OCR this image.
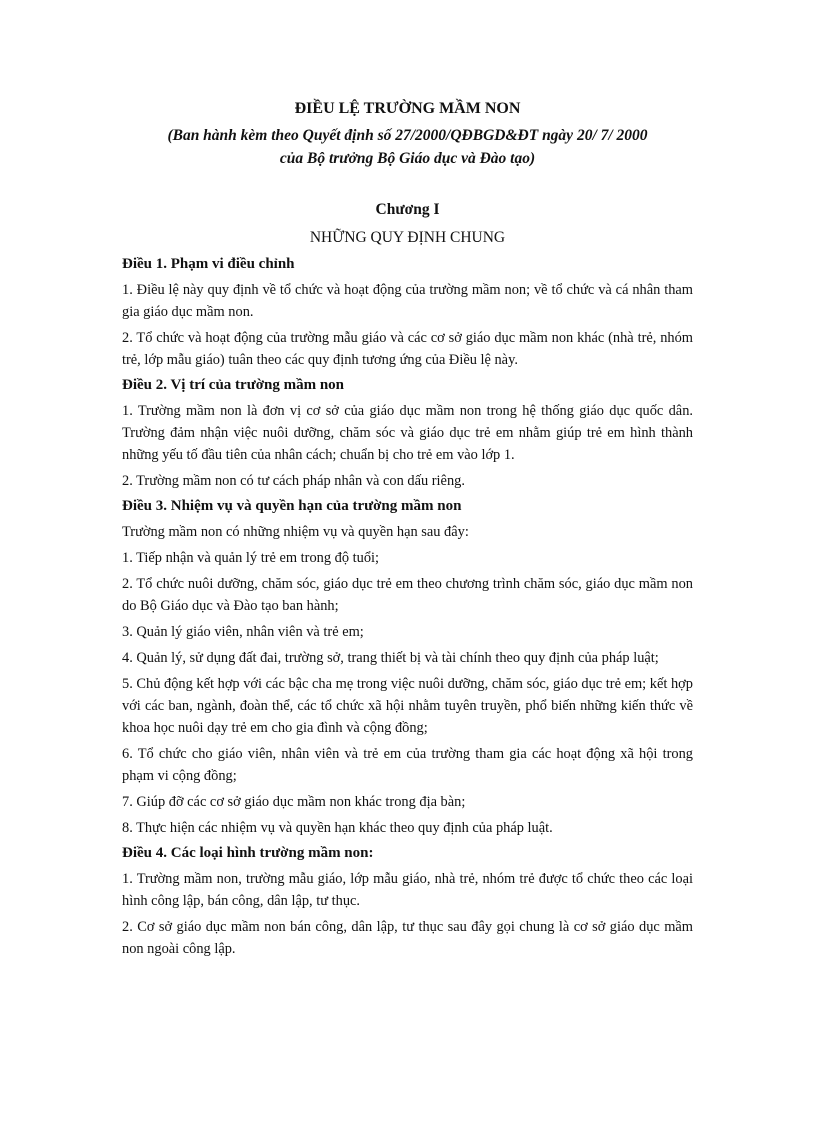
ĐIỀU LỆ TRƯỜNG MẦM NON
(Ban hành kèm theo Quyết định số 27/2000/QĐBGD&ĐT ngày 20/ 7/ 2000
của Bộ trưởng Bộ Giáo dục và Đào tạo)
Chương I
NHỮNG QUY ĐỊNH CHUNG
Điều 1. Phạm vi điều chỉnh

1. Điều lệ này quy định về tổ chức và hoạt động của trường mầm non; về tổ chức và cá nhân tham gia giáo dục mầm non.

2. Tổ chức và hoạt động của trường mẫu giáo và các cơ sở giáo dục mầm non khác (nhà trẻ, nhóm trẻ, lớp mẫu giáo) tuân theo các quy định tương ứng của Điều lệ này.

Điều 2. Vị trí của trường mầm non

1. Trường mầm non là đơn vị cơ sở của giáo dục mầm non trong hệ thống giáo dục quốc dân. Trường đảm nhận việc nuôi dưỡng, chăm sóc và giáo dục trẻ em nhằm giúp trẻ em hình thành những yếu tố đầu tiên của nhân cách; chuẩn bị cho trẻ em vào lớp 1.

2. Trường mầm non có tư cách pháp nhân và con dấu riêng.

Điều 3. Nhiệm vụ và quyền hạn của trường mầm non

Trường mầm non có những nhiệm vụ và quyền hạn sau đây:

1. Tiếp nhận và quản lý trẻ em trong độ tuổi;

2. Tổ chức nuôi dưỡng, chăm sóc, giáo dục trẻ em theo chương trình chăm sóc, giáo dục mầm non do Bộ Giáo dục và Đào tạo ban hành;

3. Quản lý giáo viên, nhân viên và trẻ em;

4. Quản lý, sử dụng đất đai, trường sở, trang thiết bị và tài chính theo quy định của pháp luật;

5. Chủ động kết hợp với các bậc cha mẹ trong việc nuôi dưỡng, chăm sóc, giáo dục trẻ em; kết hợp với các ban, ngành, đoàn thể, các tổ chức xã hội nhằm tuyên truyền, phổ biến những kiến thức về khoa học nuôi dạy trẻ em cho gia đình và cộng đồng;

6. Tổ chức cho giáo viên, nhân viên và trẻ em của trường tham gia các hoạt động xã hội trong phạm vi cộng đồng;

7. Giúp đỡ các cơ sở giáo dục mầm non khác trong địa bàn;

8. Thực hiện các nhiệm vụ và quyền hạn khác theo quy định của pháp luật.

Điều 4. Các loại hình trường mầm non:

1. Trường mầm non, trường mẫu giáo, lớp mẫu giáo, nhà trẻ, nhóm trẻ được tổ chức theo các loại hình công lập, bán công, dân lập, tư thục.

2. Cơ sở giáo dục mầm non bán công, dân lập, tư thục sau đây gọi chung là cơ sở giáo dục mầm non ngoài công lập.
